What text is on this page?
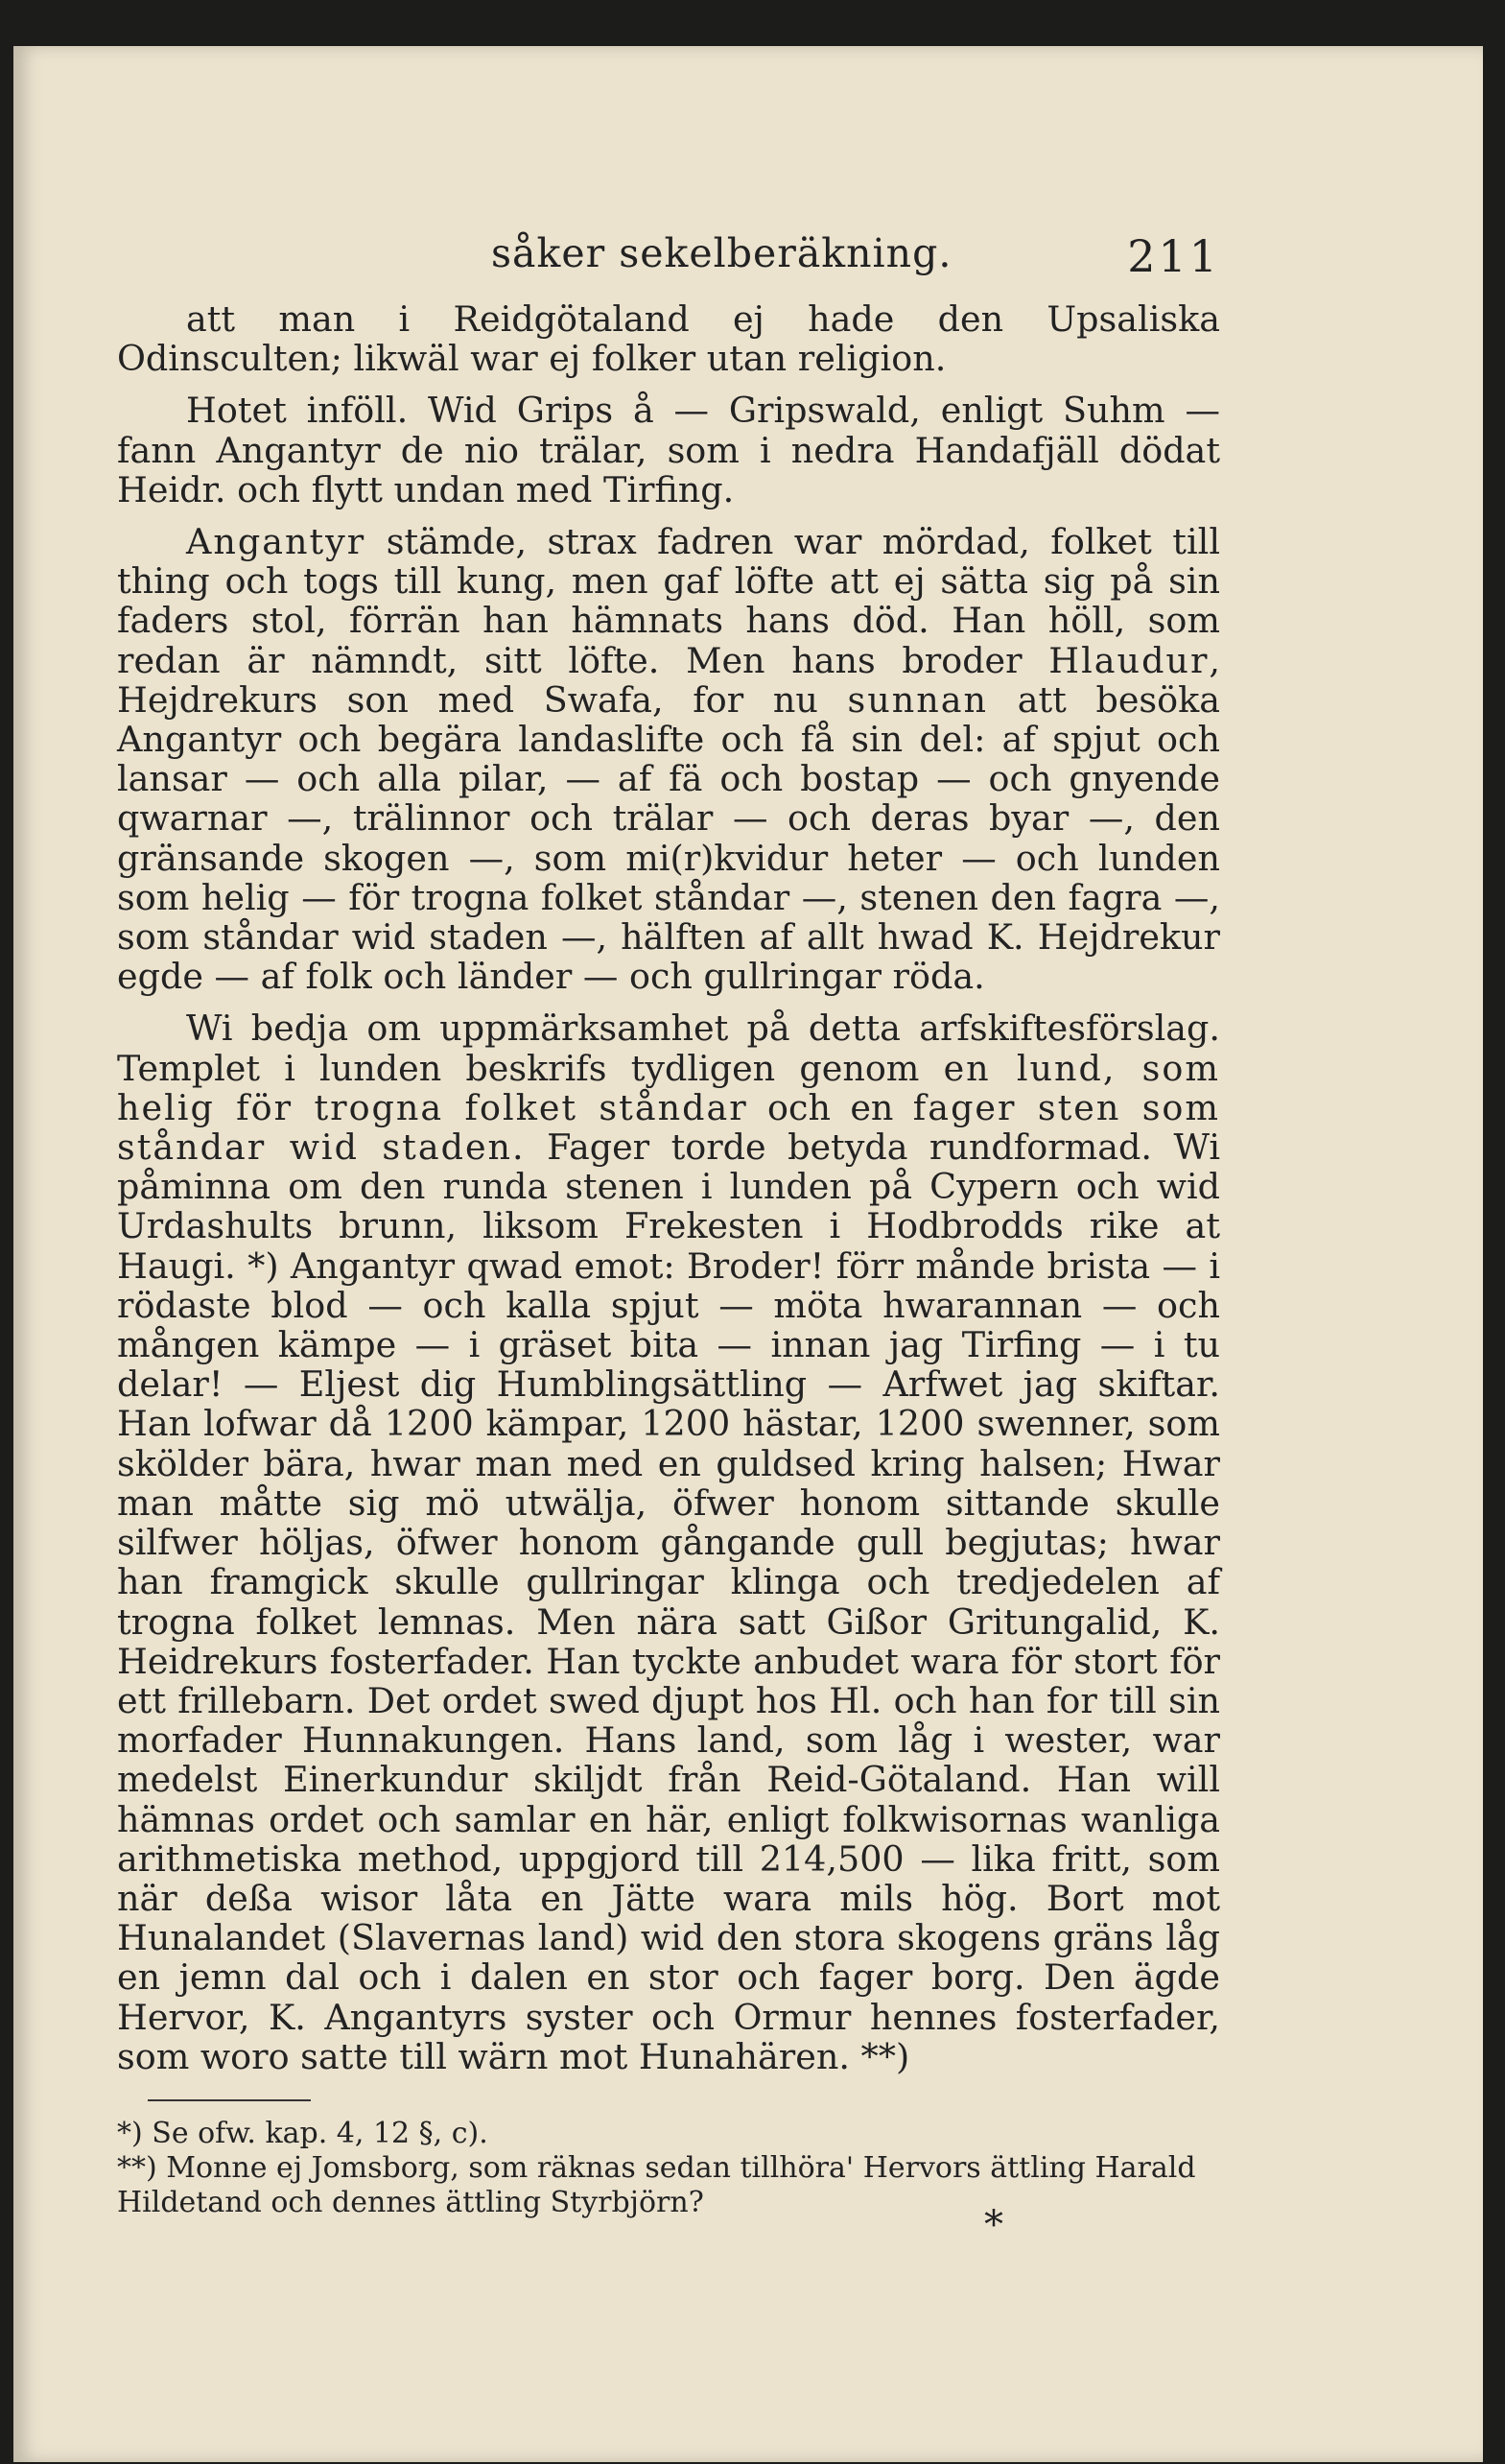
såker sekelberäkning.	211

att man i Reidgötaland ej hade den Upsaliska Odinsculten; likwäl war ej folker utan religion.

Hotet inföll. Wid Grips å — Gripswald, enligt Suhm — fann Angantyr de nio trälar, som i nedra Handafjäll dödat Heidr. och flytt undan med Tirfing.

Angantyr stämde, strax fadren war mördad, folket till thing och togs till kung, men gaf löfte att ej sätta sig på sin faders stol, förrän han hämnats hans död. Han höll, som redan är nämndt, sitt löfte. Men hans broder Hlaudur, Hejdrekurs son med Swafa, for nu sunnan att besöka Angantyr och begära landaslifte och få sin del: af spjut och lansar — och alla pilar, — af fä och bostap — och gnyende qwarnar —, trälinnor och trälar — och deras byar —, den gränsande skogen —, som mi(r)kvidur heter — och lunden som helig — för trogna folket ståndar —, stenen den fagra —, som ståndar wid staden —, hälften af allt hwad K. Hejdrekur egde — af folk och länder — och gullringar röda.

Wi bedja om uppmärksamhet på detta arfskiftesförslag. Templet i lunden beskrifs tydligen genom en lund, som helig för trogna folket ståndar och en fager sten som ståndar wid staden. Fager torde betyda rundformad. Wi påminna om den runda stenen i lunden på Cypern och wid Urdashults brunn, liksom Frekesten i Hodbrodds rike at Haugi. *) Angantyr qwad emot: Broder! förr månde brista — i rödaste blod — och kalla spjut — möta hwarannan — och mången kämpe — i gräset bita — innan jag Tirfing — i tu delar! — Eljest dig Humblingsättling — Arfwet jag skiftar. Han lofwar då 1200 kämpar, 1200 hästar, 1200 swenner, som skölder bära, hwar man med en guldsed kring halsen; Hwar man måtte sig mö utwälja, öfwer honom sittande skulle silfwer höljas, öfwer honom gångande gull begjutas; hwar han framgick skulle gullringar klinga och tredjedelen af trogna folket lemnas. Men nära satt Gißor Gritungalid, K. Heidrekurs fosterfader. Han tyckte anbudet wara för stort för ett frillebarn. Det ordet swed djupt hos Hl. och han for till sin morfader Hunnakungen. Hans land, som låg i wester, war medelst Einerkundur skiljdt från Reid-Götaland. Han will hämnas ordet och samlar en här, enligt folkwisornas wanliga arithmetiska method, uppgjord till 214,500 — lika fritt, som när deßa wisor låta en Jätte wara mils hög. Bort mot Hunalandet (Slavernas land) wid den stora skogens gräns låg en jemn dal och i dalen en stor och fager borg. Den ägde Hervor, K. Angantyrs syster och Ormur hennes fosterfader, som woro satte till wärn mot Hunahären. **)

*) Se ofw. kap. 4, 12 §, c).

**) Monne ej Jomsborg, som räknas sedan tillhöra' Hervors ättling Harald Hildetand och dennes ättling Styrbjörn?

*
